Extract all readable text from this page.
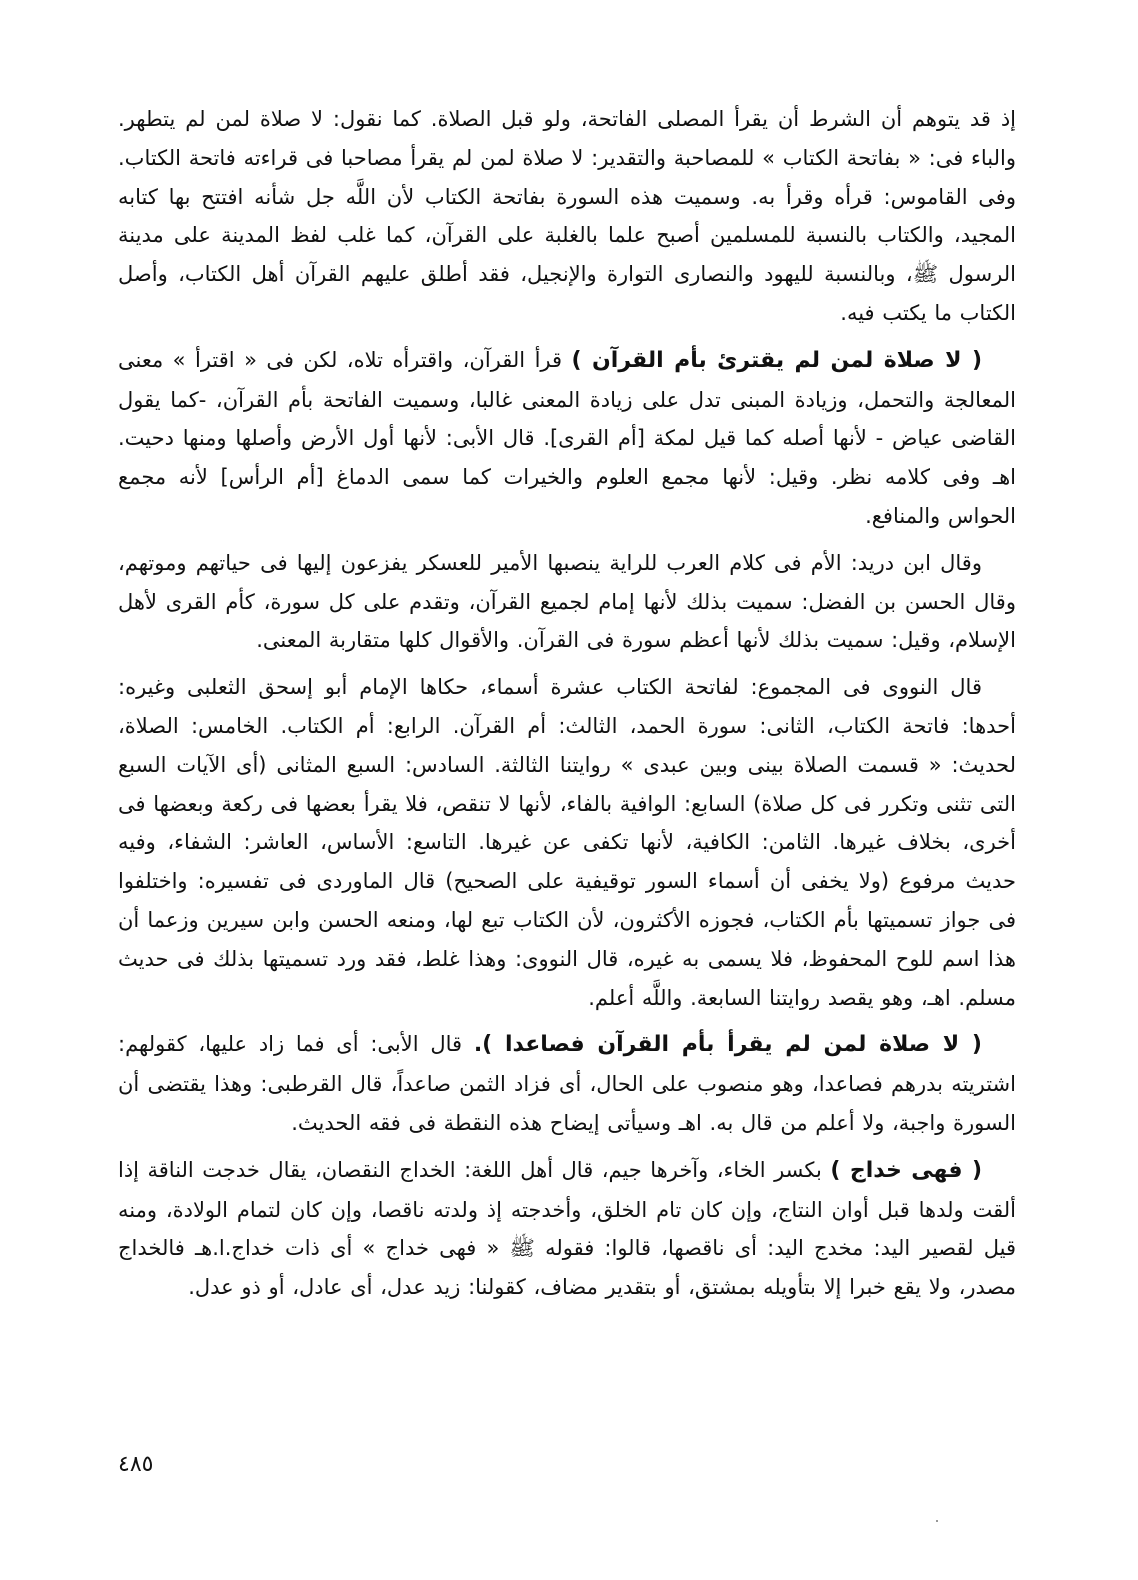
إذ قد يتوهم أن الشرط أن يقرأ المصلى الفاتحة، ولو قبل الصلاة. كما نقول: لا صلاة لمن لم يتطهر. والباء فى: « بفاتحة الكتاب » للمصاحبة والتقدير: لا صلاة لمن لم يقرأ مصاحبا فى قراءته فاتحة الكتاب. وفى القاموس: قرأه وقرأ به. وسميت هذه السورة بفاتحة الكتاب لأن اللَّه جل شأنه افتتح بها كتابه المجيد، والكتاب بالنسبة للمسلمين أصبح علما بالغلبة على القرآن، كما غلب لفظ المدينة على مدينة الرسول ﷺ، وبالنسبة لليهود والنصارى التوارة والإنجيل، فقد أطلق عليهم القرآن أهل الكتاب، وأصل الكتاب ما يكتب فيه.

( لا صلاة لمن لم يقترئ بأم القرآن ) قرأ القرآن، واقترأه تلاه، لكن فى « اقترأ » معنى المعالجة والتحمل، وزيادة المبنى تدل على زيادة المعنى غالبا، وسميت الفاتحة بأم القرآن، -كما يقول القاضى عياض - لأنها أصله كما قيل لمكة [أم القرى]. قال الأبى: لأنها أول الأرض وأصلها ومنها دحيت. اهـ وفى كلامه نظر. وقيل: لأنها مجمع العلوم والخيرات كما سمى الدماغ [أم الرأس] لأنه مجمع الحواس والمنافع.

وقال ابن دريد: الأم فى كلام العرب للراية ينصبها الأمير للعسكر يفزعون إليها فى حياتهم وموتهم، وقال الحسن بن الفضل: سميت بذلك لأنها إمام لجميع القرآن، وتقدم على كل سورة، كأم القرى لأهل الإسلام، وقيل: سميت بذلك لأنها أعظم سورة فى القرآن. والأقوال كلها متقاربة المعنى.

قال النووى فى المجموع: لفاتحة الكتاب عشرة أسماء، حكاها الإمام أبو إسحق الثعلبى وغيره: أحدها: فاتحة الكتاب، الثانى: سورة الحمد، الثالث: أم القرآن. الرابع: أم الكتاب. الخامس: الصلاة، لحديث: « قسمت الصلاة بينى وبين عبدى » روايتنا الثالثة. السادس: السبع المثانى (أى الآيات السبع التى تثنى وتكرر فى كل صلاة) السابع: الوافية بالفاء، لأنها لا تنقص، فلا يقرأ بعضها فى ركعة وبعضها فى أخرى، بخلاف غيرها. الثامن: الكافية، لأنها تكفى عن غيرها. التاسع: الأساس، العاشر: الشفاء، وفيه حديث مرفوع (ولا يخفى أن أسماء السور توقيفية على الصحيح) قال الماوردى فى تفسيره: واختلفوا فى جواز تسميتها بأم الكتاب، فجوزه الأكثرون، لأن الكتاب تبع لها، ومنعه الحسن وابن سيرين وزعما أن هذا اسم للوح المحفوظ، فلا يسمى به غيره، قال النووى: وهذا غلط، فقد ورد تسميتها بذلك فى حديث مسلم. اهـ، وهو يقصد روايتنا السابعة. واللَّه أعلم.

( لا صلاة لمن لم يقرأ بأم القرآن فصاعدا ). قال الأبى: أى فما زاد عليها، كقولهم: اشتريته بدرهم فصاعدا، وهو منصوب على الحال، أى فزاد الثمن صاعداً، قال القرطبى: وهذا يقتضى أن السورة واجبة، ولا أعلم من قال به. اهـ وسيأتى إيضاح هذه النقطة فى فقه الحديث.

( فهى خداج ) بكسر الخاء، وآخرها جيم، قال أهل اللغة: الخداج النقصان، يقال خدجت الناقة إذا ألقت ولدها قبل أوان النتاج، وإن كان تام الخلق، وأخدجته إذ ولدته ناقصا، وإن كان لتمام الولادة، ومنه قيل لقصير اليد: مخدج اليد: أى ناقصها، قالوا: فقوله ﷺ « فهى خداج » أى ذات خداج.ا.هـ فالخداج مصدر، ولا يقع خبرا إلا بتأويله بمشتق، أو بتقدير مضاف، كقولنا: زيد عدل، أى عادل، أو ذو عدل.

٤٨٥
